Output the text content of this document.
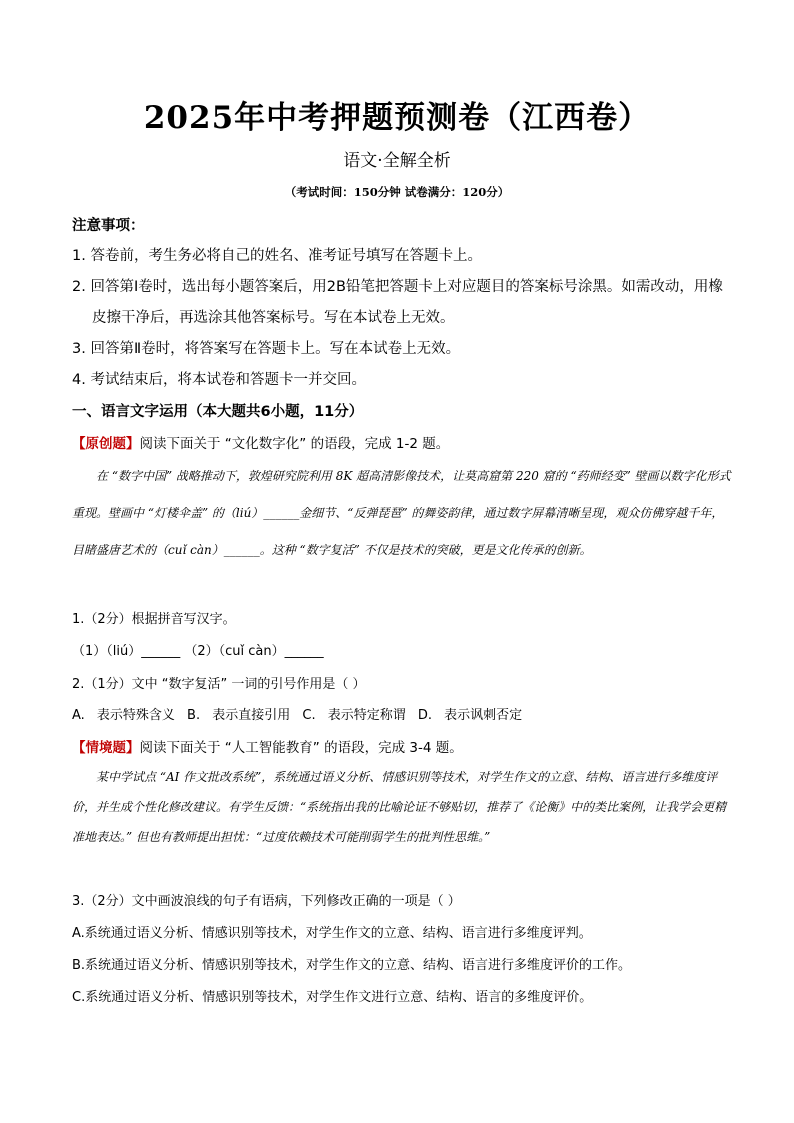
2025年中考押题预测卷（江西卷）
语文·全解全析
（考试时间：150分钟 试卷满分：120分）
注意事项：
1. 答卷前，考生务必将自己的姓名、准考证号填写在答题卡上。
2. 回答第Ⅰ卷时，选出每小题答案后，用2B铅笔把答题卡上对应题目的答案标号涂黑。如需改动，用橡皮擦干净后，再选涂其他答案标号。写在本试卷上无效。
3. 回答第Ⅱ卷时，将答案写在答题卡上。写在本试卷上无效。
4. 考试结束后，将本试卷和答题卡一并交回。
一、语言文字运用（本大题共6小题，11分）
【原创题】阅读下面关于 “文化数字化” 的语段，完成 1-2 题。
在 “数字中国” 战略推动下，敦煌研究院利用 8K 超高清影像技术，让莫高窟第 220 窟的 “药师经变” 壁画以数字化形式重现。壁画中 “灯楼伞盖” 的（liú）______金细节、“反弹琵琶” 的舞姿韵律，通过数字屏幕清晰呈现，观众仿佛穿越千年，目睹盛唐艺术的（cuǐ càn）______。这种 “数字复活” 不仅是技术的突破，更是文化传承的创新。
1.（2分）根据拼音写汉字。
（1）（liú）______ （2）（cuǐ càn）______
2.（1分）文中 “数字复活” 一词的引号作用是（ ）
A. 表示特殊含义 B. 表示直接引用 C. 表示特定称谓 D. 表示讽刺否定
【情境题】阅读下面关于 “人工智能教育” 的语段，完成 3-4 题。
某中学试点 “AI 作文批改系统”，系统通过语义分析、情感识别等技术，对学生作文的立意、结构、语言进行多维度评价，并生成个性化修改建议。有学生反馈：“系统指出我的比喻论证不够贴切，推荐了《论衡》中的类比案例，让我学会更精准地表达。” 但也有教师提出担忧：“过度依赖技术可能削弱学生的批判性思维。”
3.（2分）文中画波浪线的句子有语病，下列修改正确的一项是（ ）
A.系统通过语义分析、情感识别等技术，对学生作文的立意、结构、语言进行多维度评判。
B.系统通过语义分析、情感识别等技术，对学生作文的立意、结构、语言进行多维度评价的工作。
C.系统通过语义分析、情感识别等技术，对学生作文进行立意、结构、语言的多维度评价。
